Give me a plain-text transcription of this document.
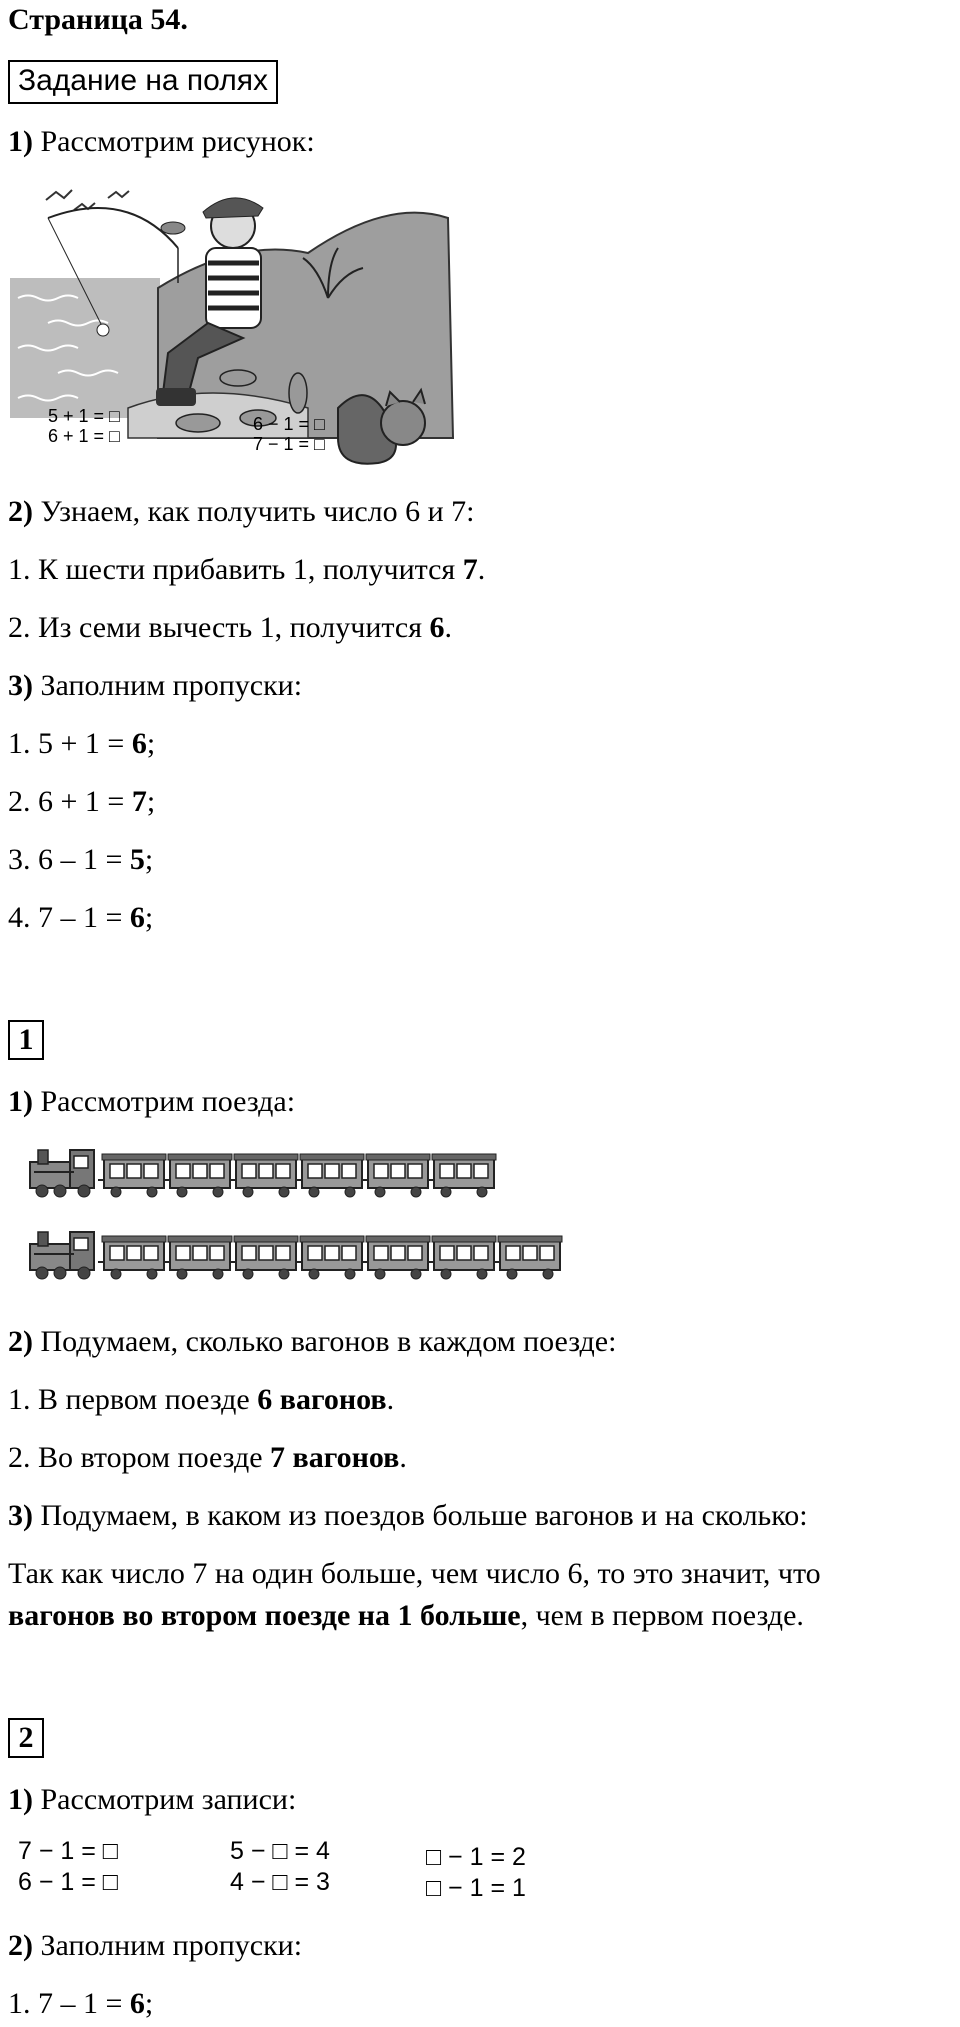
Страница 54.
Задание на полях
1) Рассмотрим рисунок:
5 + 1 = □
6 + 1 = □
6 − 1 = □
7 − 1 = □
2) Узнаем, как получить число 6 и 7:
1. К шести прибавить 1, получится 7.
2. Из семи вычесть 1, получится 6.
3) Заполним пропуски:
1. 5 + 1 = 6;
2. 6 + 1 = 7;
3. 6 – 1 = 5;
4. 7 – 1 = 6;
1
1) Рассмотрим поезда:
2) Подумаем, сколько вагонов в каждом поезде:
1. В первом поезде 6 вагонов.
2. Во втором поезде 7 вагонов.
3) Подумаем, в каком из поездов больше вагонов и на сколько:
Так как число 7 на один больше, чем число 6, то это значит, что
вагонов во втором поезде на 1 больше, чем в первом поезде.
2
1) Рассмотрим записи:
7 − 1 = □
6 − 1 = □
5 − □ = 4
4 − □ = 3
□ − 1 = 2
□ − 1 = 1
2) Заполним пропуски:
1. 7 – 1 = 6;
